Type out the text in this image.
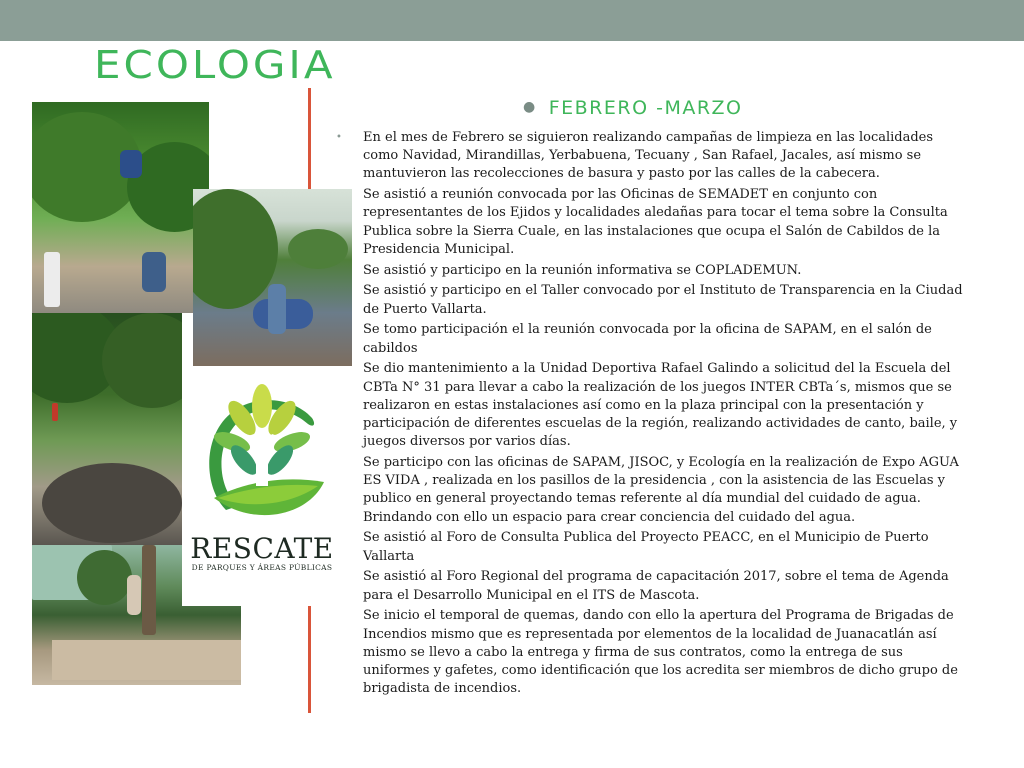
ECOLOGIA

RESCATE

DE PARQUES Y ÁREAS PÚBLICAS

● FEBRERO -MARZO
• En el mes de Febrero se siguieron realizando campañas de limpieza en las localidades como Navidad, Mirandillas, Yerbabuena, Tecuany , San Rafael, Jacales, así mismo se mantuvieron las recolecciones de basura y pasto por las calles de la cabecera.
Se asistió a reunión convocada por las Oficinas de SEMADET en conjunto con representantes de los Ejidos y localidades aledañas para tocar el tema sobre la Consulta Publica sobre la Sierra Cuale, en las instalaciones que ocupa el Salón de Cabildos de la Presidencia Municipal.
Se asistió y participo en la reunión informativa se COPLADEMUN.
Se asistió y participo en el Taller convocado por el Instituto de Transparencia en la Ciudad de Puerto Vallarta.
Se tomo participación el la reunión convocada por la oficina de SAPAM, en el salón de cabildos
Se dio mantenimiento a la Unidad Deportiva Rafael Galindo a solicitud del la Escuela del CBTa N° 31 para llevar a cabo la realización de los juegos INTER CBTa´s, mismos que se realizaron en estas instalaciones así como en la plaza principal con la presentación y participación de diferentes escuelas de la región, realizando actividades de canto, baile, y juegos diversos por varios días.
Se participo con las oficinas de SAPAM, JISOC, y Ecología en la realización de Expo AGUA ES VIDA , realizada en los pasillos de la presidencia , con la asistencia de las Escuelas y publico en general proyectando temas referente al día mundial del cuidado de agua. Brindando con ello un espacio para crear conciencia del cuidado del agua.
Se asistió al Foro de Consulta Publica del Proyecto PEACC, en el Municipio de Puerto Vallarta
Se asistió al Foro Regional del programa de capacitación 2017, sobre el tema de Agenda para el Desarrollo Municipal en el ITS de Mascota.
Se inicio el temporal de quemas, dando con ello la apertura del Programa de Brigadas de Incendios mismo que es representada por elementos de la localidad de Juanacatlán así mismo se llevo a cabo la entrega y firma de sus contratos, como la entrega de sus uniformes y gafetes, como identificación que los acredita ser miembros de dicho grupo de brigadista de incendios.
